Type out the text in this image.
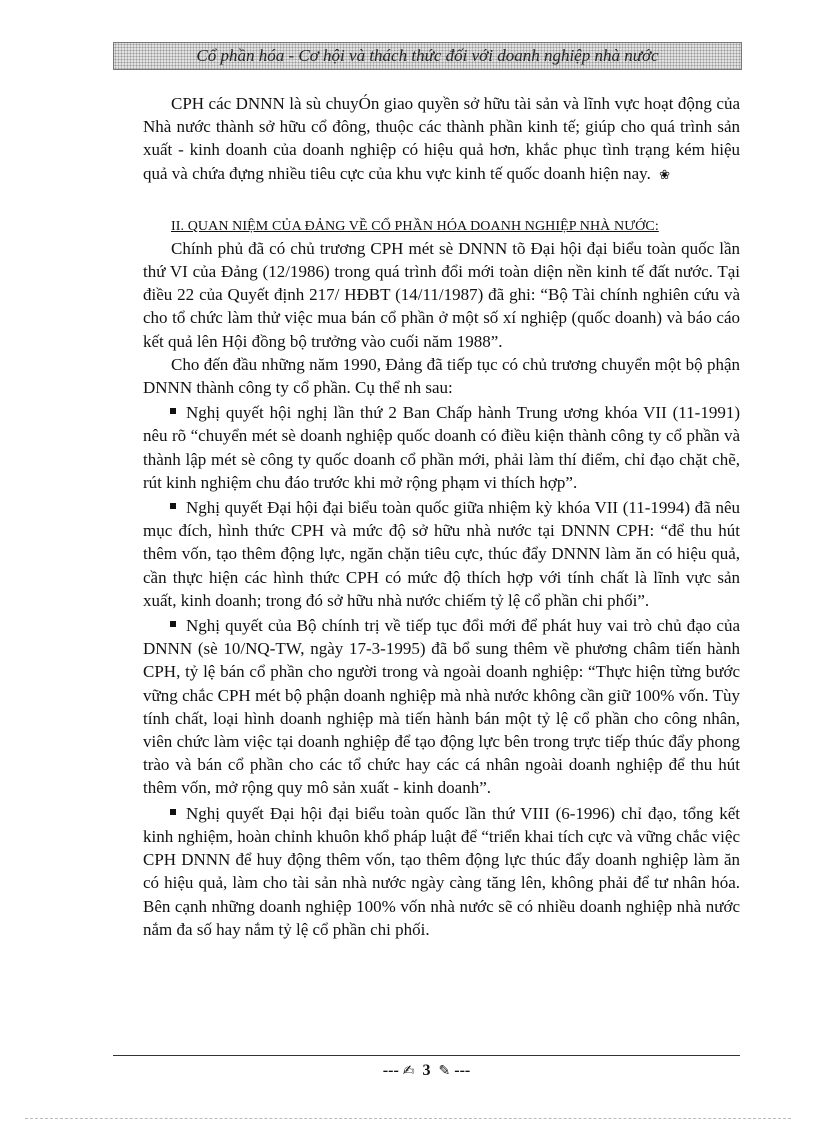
Cổ phần hóa - Cơ hội và thách thức đối với doanh nghiệp nhà nước

CPH các DNNN là sù chuyÓn giao quyền sở hữu tài sản và lĩnh vực hoạt động của Nhà nước thành sở hữu cổ đông, thuộc các thành phần kinh tế; giúp cho quá trình sản xuất - kinh doanh của doanh nghiệp có hiệu quả hơn, khắc phục tình trạng kém hiệu quả và chứa đựng nhiều tiêu cực của khu vực kinh tế quốc doanh hiện nay. ❀

II. QUAN NIỆM CỦA ĐẢNG VỀ CỔ PHẦN HÓA DOANH NGHIỆP NHÀ NƯỚC:

Chính phủ đã có chủ trương CPH mét sè DNNN tõ Đại hội đại biểu toàn quốc lần thứ VI của Đảng (12/1986) trong quá trình đổi mới toàn diện nền kinh tế đất nước. Tại điều 22 của Quyết định 217/ HĐBT (14/11/1987) đã ghi: “Bộ Tài chính nghiên cứu và cho tổ chức làm thử việc mua bán cổ phần ở một số xí nghiệp (quốc doanh) và báo cáo kết quả lên Hội đồng bộ trưởng vào cuối năm 1988”.

Cho đến đầu những năm 1990, Đảng đã tiếp tục có chủ trương chuyển một bộ phận DNNN thành công ty cổ phần. Cụ thể nh sau:

Nghị quyết hội nghị lần thứ 2 Ban Chấp hành Trung ương khóa VII (11-1991) nêu rõ “chuyển mét sè doanh nghiệp quốc doanh có điều kiện thành công ty cổ phần và thành lập mét sè công ty quốc doanh cổ phần mới, phải làm thí điểm, chỉ đạo chặt chẽ, rút kinh nghiệm chu đáo trước khi mở rộng phạm vi thích hợp”.

Nghị quyết Đại hội đại biểu toàn quốc giữa nhiệm kỳ khóa VII (11-1994) đã nêu mục đích, hình thức CPH và mức độ sở hữu nhà nước tại DNNN CPH: “để thu hút thêm vốn, tạo thêm động lực, ngăn chặn tiêu cực, thúc đẩy DNNN làm ăn có hiệu quả, cần thực hiện các hình thức CPH có mức độ thích hợp với tính chất là lĩnh vực sản xuất, kinh doanh; trong đó sở hữu nhà nước chiếm tỷ lệ cổ phần chi phối”.

Nghị quyết của Bộ chính trị về tiếp tục đổi mới để phát huy vai trò chủ đạo của DNNN (sè 10/NQ-TW, ngày 17-3-1995) đã bổ sung thêm về phương châm tiến hành CPH, tỷ lệ bán cổ phần cho người trong và ngoài doanh nghiệp: “Thực hiện từng bước vững chắc CPH mét bộ phận doanh nghiệp mà nhà nước không cần giữ 100% vốn. Tùy tính chất, loại hình doanh nghiệp mà tiến hành bán một tỷ lệ cổ phần cho công nhân, viên chức làm việc tại doanh nghiệp để tạo động lực bên trong trực tiếp thúc đẩy phong trào và bán cổ phần cho các tổ chức hay các cá nhân ngoài doanh nghiệp để thu hút thêm vốn, mở rộng quy mô sản xuất - kinh doanh”.

Nghị quyết Đại hội đại biểu toàn quốc lần thứ VIII (6-1996) chỉ đạo, tổng kết kinh nghiệm, hoàn chỉnh khuôn khổ pháp luật để “triển khai tích cực và vững chắc việc CPH DNNN để huy động thêm vốn, tạo thêm động lực thúc đẩy doanh nghiệp làm ăn có hiệu quả, làm cho tài sản nhà nước ngày càng tăng lên, không phải để tư nhân hóa. Bên cạnh những doanh nghiệp 100% vốn nhà nước sẽ có nhiều doanh nghiệp nhà nước nắm đa số hay nắm tỷ lệ cổ phần chi phối.

--- ✍ 3 ✎ ---
